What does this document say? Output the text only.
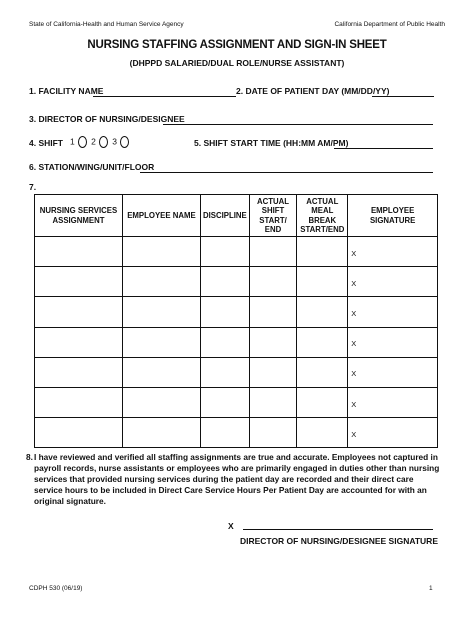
State of California-Health and Human Service Agency	California Department of Public Health
NURSING STAFFING ASSIGNMENT AND SIGN-IN SHEET
(DHPPD SALARIED/DUAL ROLE/NURSE ASSISTANT)
1. FACILITY NAME	2. DATE OF PATIENT DAY (MM/DD/YY)
3. DIRECTOR OF NURSING/DESIGNEE
4. SHIFT 1 2 3	5. SHIFT START TIME (HH:MM AM/PM)
6. STATION/WING/UNIT/FLOOR
7.
NURSING SERVICES ASSIGNMENT	EMPLOYEE NAME	DISCIPLINE	ACTUAL SHIFT START/ END	ACTUAL MEAL BREAK START/END	EMPLOYEE SIGNATURE
					X
					X
					X
					X
					X
					X
					X
8. I have reviewed and verified all staffing assignments are true and accurate. Employees not captured in payroll records, nurse assistants or employees who are primarily engaged in duties other than nursing services that provided nursing services during the patient day are recorded and their direct care service hours to be included in Direct Care Service Hours Per Patient Day are accounted for with an original signature.
X
DIRECTOR OF NURSING/DESIGNEE SIGNATURE
CDPH 530 (06/19)	1
